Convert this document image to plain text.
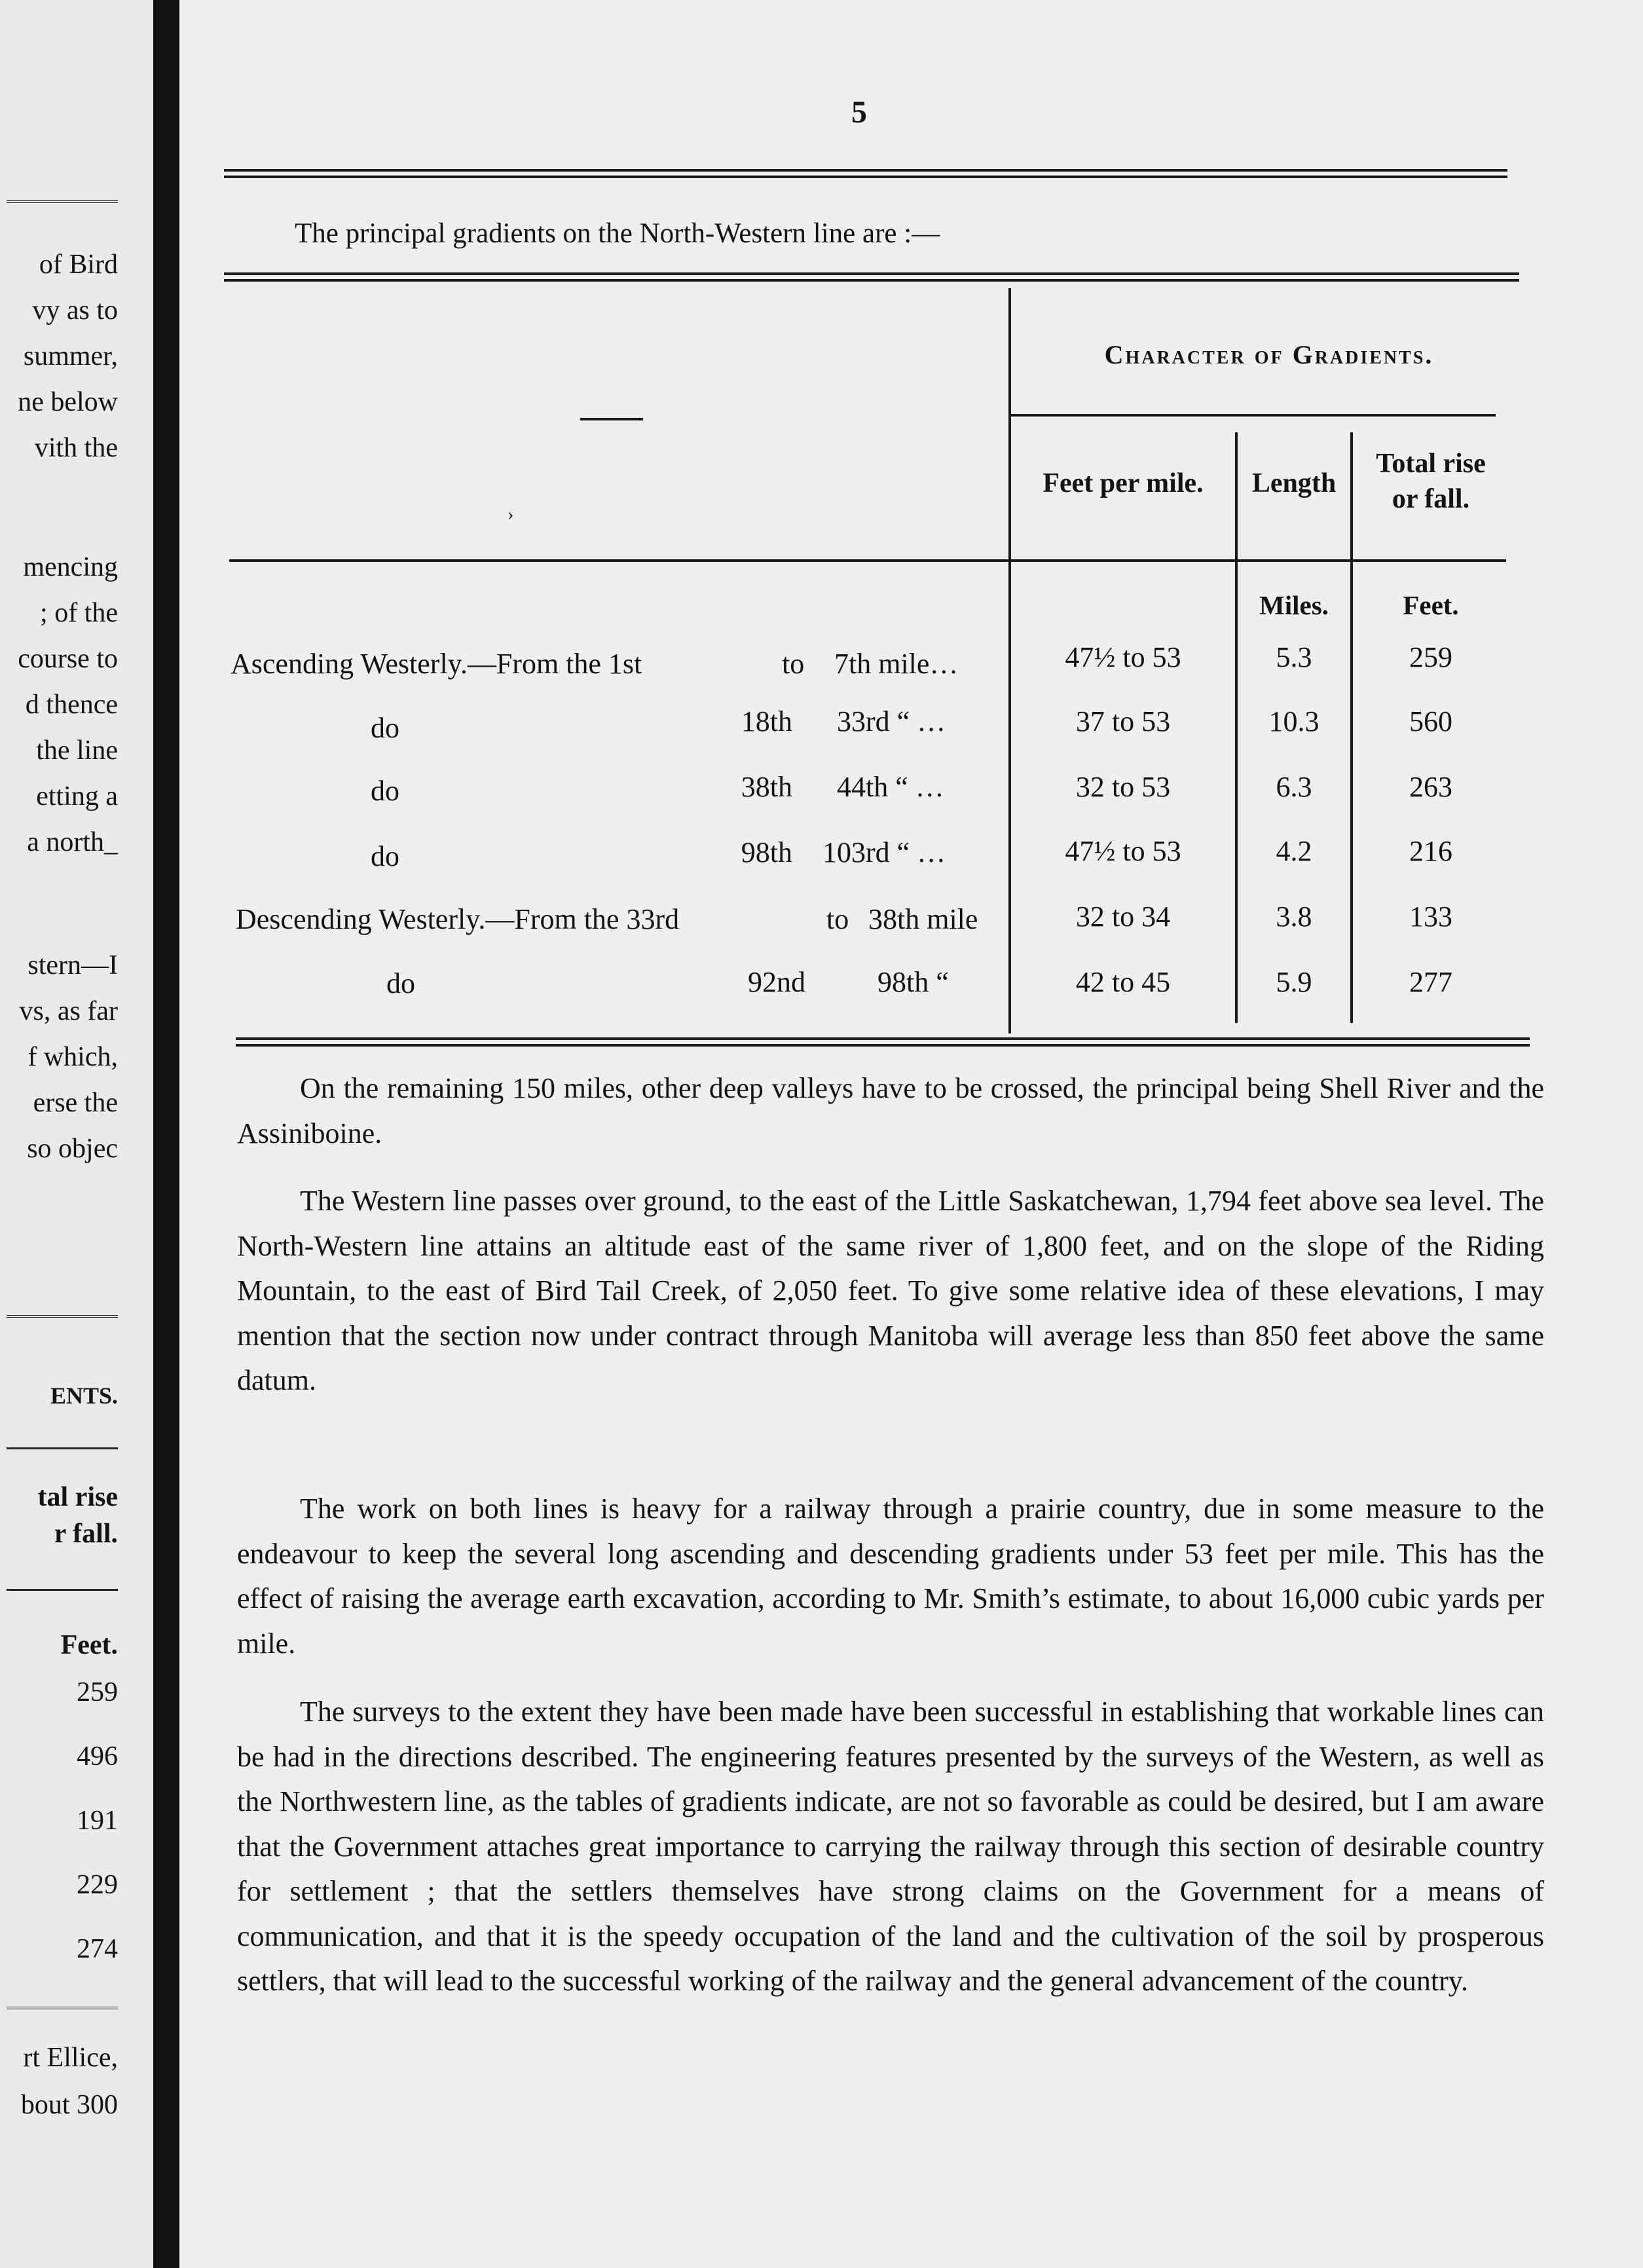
of Bird
vy as to
summer,
ne below
vith the
mencing
; of the
course to
d thence
the line
etting a
a north_
stern—I
vs, as far
f which,
erse the
so objec
ENTS.
tal rise
r fall.
Feet.
259
496
191
229
274
rt Ellice,
bout 300
5
The principal gradients on the North-Western line are :—
Character of Gradients.
Feet per mile.	Length
Total rise
or fall.
›
Miles.	Feet.
Ascending Westerly.—From the 1st	to 7th mile…	47½ to 53	5.3	259
do	18th 33rd “ …	37 to 53	10.3	560
do	38th 44th “ …	32 to 53	6.3	263
do	98th 103rd “ …	47½ to 53	4.2	216
Descending Westerly.—From the 33rd	to 38th mile	32 to 34	3.8	133
do	92nd	98th “	42 to 45	5.9	277

On the remaining 150 miles, other deep valleys have to be crossed, the principal being Shell River and the Assiniboine.

The Western line passes over ground, to the east of the Little Saskatchewan, 1,794 feet above sea level. The North-Western line attains an altitude east of the same river of 1,800 feet, and on the slope of the Riding Mountain, to the east of Bird Tail Creek, of 2,050 feet. To give some relative idea of these elevations, I may mention that the section now under contract through Manitoba will average less than 850 feet above the same datum.

The work on both lines is heavy for a railway through a prairie country, due in some measure to the endeavour to keep the several long ascending and descending gradients under 53 feet per mile. This has the effect of raising the average earth excavation, according to Mr. Smith’s estimate, to about 16,000 cubic yards per mile.

The surveys to the extent they have been made have been successful in establishing that workable lines can be had in the directions described. The engineering features presented by the surveys of the Western, as well as the Northwestern line, as the tables of gradients indicate, are not so favorable as could be desired, but I am aware that the Government attaches great importance to carrying the railway through this section of desirable country for settlement ; that the settlers themselves have strong claims on the Government for a means of communication, and that it is the speedy occupation of the land and the cultivation of the soil by prosperous settlers, that will lead to the successful working of the railway and the general advancement of the country.
